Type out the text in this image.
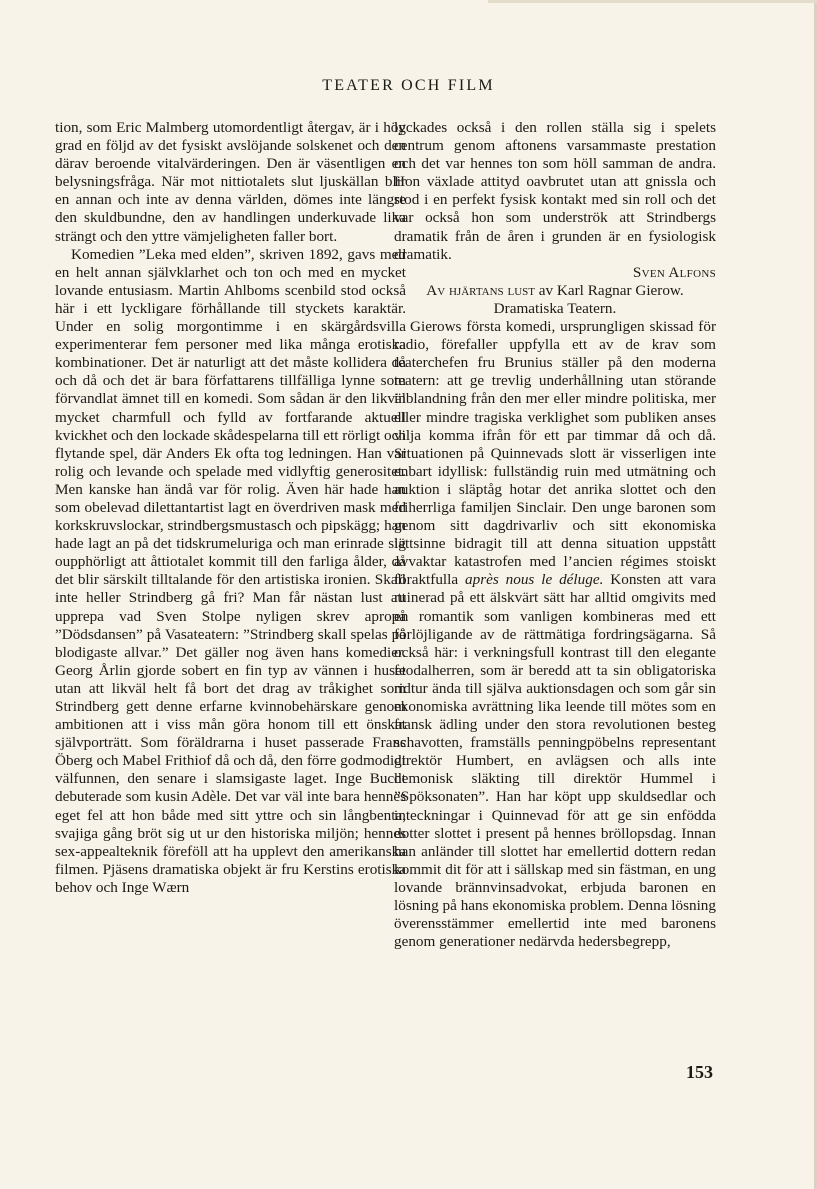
TEATER OCH FILM

tion, som Eric Malmberg utomordentligt återgav, är i hög grad en följd av det fysiskt avslöjande solskenet och den därav beroende vitalvärderingen. Den är väsentligen en belysningsfråga. När mot nittiotalets slut ljuskällan blir en annan och inte av denna världen, dömes inte längre den skuldbundne, den av handlingen underkuvade lika strängt och den yttre vämjeligheten faller bort.

Komedien ”Leka med elden”, skriven 1892, gavs med en helt annan självklarhet och ton och med en mycket lovande entusiasm. Martin Ahlboms scenbild stod också här i ett lyckligare förhållande till styckets karaktär. Under en solig morgontimme i en skärgårdsvilla experimenterar fem personer med lika många erotiska kombinationer. Det är naturligt att det måste kollidera då och då och det är bara författarens tillfälliga lynne som förvandlat ämnet till en komedi. Som sådan är den likväl mycket charmfull och fylld av fortfarande aktuell kvickhet och den lockade skådespelarna till ett rörligt och flytande spel, där Anders Ek ofta tog ledningen. Han var rolig och levande och spelade med vidlyftig generositet. Men kanske han ändå var för rolig. Även här hade han som obelevad dilettantartist lagt en överdriven mask med korkskruvslockar, strindbergsmustasch och pipskägg; han hade lagt an på det tidskrumeluriga och man erinrade sig oupphörligt att åttiotalet kommit till den farliga ålder, då det blir särskilt tilltalande för den artistiska ironien. Skall inte heller Strindberg gå fri? Man får nästan lust att upprepa vad Sven Stolpe nyligen skrev apropå ”Dödsdansen” på Vasateatern: ”Strindberg skall spelas på blodigaste allvar.” Det gäller nog även hans komedier. Georg Årlin gjorde sobert en fin typ av vännen i huset utan att likväl helt få bort det drag av tråkighet som Strindberg gett denne erfarne kvinnobehärskare genom ambitionen att i viss mån göra honom till ett önskat självporträtt. Som föräldrarna i huset passerade Frans Öberg och Mabel Frithiof då och då, den förre godmodigt välfunnen, den senare i slamsigaste laget. Inge Bucht debuterade som kusin Adèle. Det var väl inte bara hennes eget fel att hon både med sitt yttre och sin långbenta, svajiga gång bröt sig ut ur den historiska miljön; hennes sex-appealteknik föreföll att ha upplevt den amerikanska filmen. Pjäsens dramatiska objekt är fru Kerstins erotiska behov och Inge Wærn

lyckades också i den rollen ställa sig i spelets centrum genom aftonens varsammaste prestation och det var hennes ton som höll samman de andra. Hon växlade attityd oavbrutet utan att gnissla och stod i en perfekt fysisk kontakt med sin roll och det var också hon som underströk att Strindbergs dramatik från de åren i grunden är en fysiologisk dramatik.

Sven Alfons

Av hjärtans lust av Karl Ragnar Gierow.
Dramatiska Teatern.

Gierows första komedi, ursprungligen skissad för radio, förefaller uppfylla ett av de krav som teaterchefen fru Brunius ställer på den moderna teatern: att ge trevlig underhållning utan störande inblandning från den mer eller mindre politiska, mer eller mindre tragiska verklighet som publiken anses vilja komma ifrån för ett par timmar då och då. Situationen på Quinnevads slott är visserligen inte enbart idyllisk: fullständig ruin med utmätning och auktion i släptåg hotar det anrika slottet och den friherrliga familjen Sinclair. Den unge baronen som genom sitt dagdrivarliv och sitt ekonomiska lättsinne bidragit till att denna situation uppstått avvaktar katastrofen med l’ancien régimes stoiskt föraktfulla après nous le déluge. Konsten att vara ruinerad på ett älskvärt sätt har alltid omgivits med en romantik som vanligen kombineras med ett förlöjligande av de rättmätiga fordringsägarna. Så också här: i verkningsfull kontrast till den elegante feodalherren, som är beredd att ta sin obligatoriska ridtur ända till själva auktionsdagen och som går sin ekonomiska avrättning lika leende till mötes som en fransk ädling under den stora revolutionen besteg schavotten, framställs penningpöbelns representant direktör Humbert, en avlägsen och alls inte demonisk släkting till direktör Hummel i ”Spöksonaten”. Han har köpt upp skuldsedlar och inteckningar i Quinnevad för att ge sin enfödda dotter slottet i present på hennes bröllopsdag. Innan han anländer till slottet har emellertid dottern redan kommit dit för att i sällskap med sin fästman, en ung lovande brännvinsadvokat, erbjuda baronen en lösning på hans ekonomiska problem. Denna lösning överensstämmer emellertid inte med baronens genom generationer nedärvda hedersbegrepp,

153
